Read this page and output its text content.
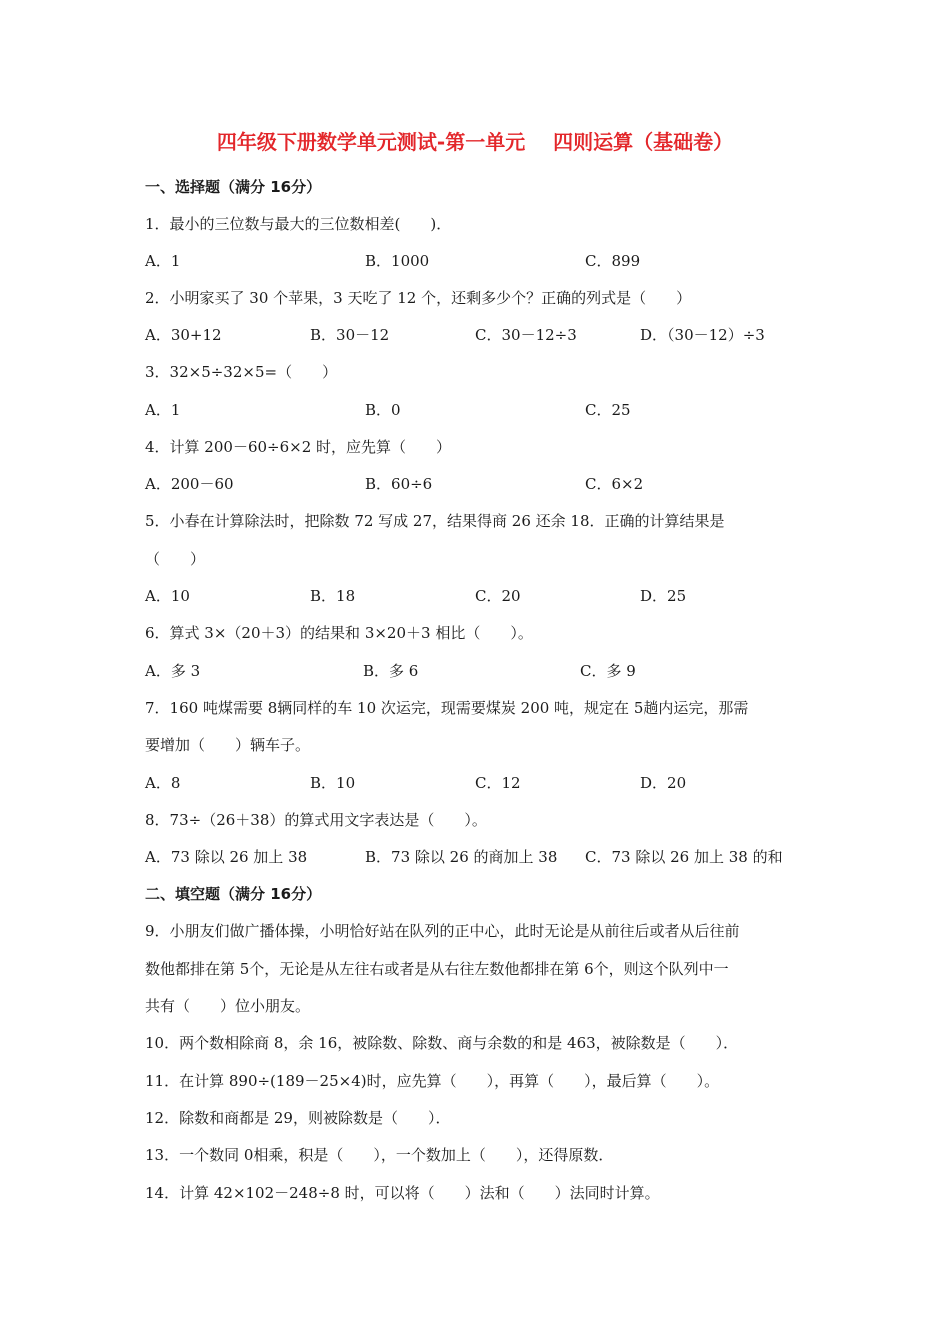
四年级下册数学单元测试-第一单元    四则运算（基础卷）
一、选择题（满分 16分）
1．最小的三位数与最大的三位数相差(　　)．
A．1	B．1000	C．899
2．小明家买了 30 个苹果，3 天吃了 12 个，还剩多少个？正确的列式是（　　）
A．30+12	B．30－12	C．30－12÷3	D．（30－12）÷3
3．32×5÷32×5=（　　）
A．1	B．0	C．25
4．计算 200－60÷6×2 时，应先算（　　）
A．200－60	B．60÷6	C．6×2
5．小春在计算除法时，把除数 72 写成 27，结果得商 26 还余 18．正确的计算结果是
（　　）
A．10	B．18	C．20	D．25
6．算式 3×（20＋3）的结果和 3×20＋3 相比（　　）。
A．多 3	B．多 6	C．多 9
7．160 吨煤需要 8辆同样的车 10 次运完，现需要煤炭 200 吨，规定在 5趟内运完，那需
要增加（　　）辆车子。
A．8	B．10	C．12	D．20
8．73÷（26＋38）的算式用文字表达是（　　）。
A．73 除以 26 加上 38	B．73 除以 26 的商加上 38 C．73 除以 26 加上 38 的和
二、填空题（满分 16分）
9．小朋友们做广播体操，小明恰好站在队列的正中心，此时无论是从前往后或者从后往前
数他都排在第 5个，无论是从左往右或者是从右往左数他都排在第 6个，则这个队列中一
共有（　　）位小朋友。
10．两个数相除商 8，余 16，被除数、除数、商与余数的和是 463，被除数是（　　）．
11．在计算 890÷(189－25×4)时，应先算（　　），再算（　　），最后算（　　）。
12．除数和商都是 29，则被除数是（　　）．
13．一个数同 0相乘，积是（　　），一个数加上（　　），还得原数．
14．计算 42×102－248÷8 时，可以将（　　）法和（　　）法同时计算。
